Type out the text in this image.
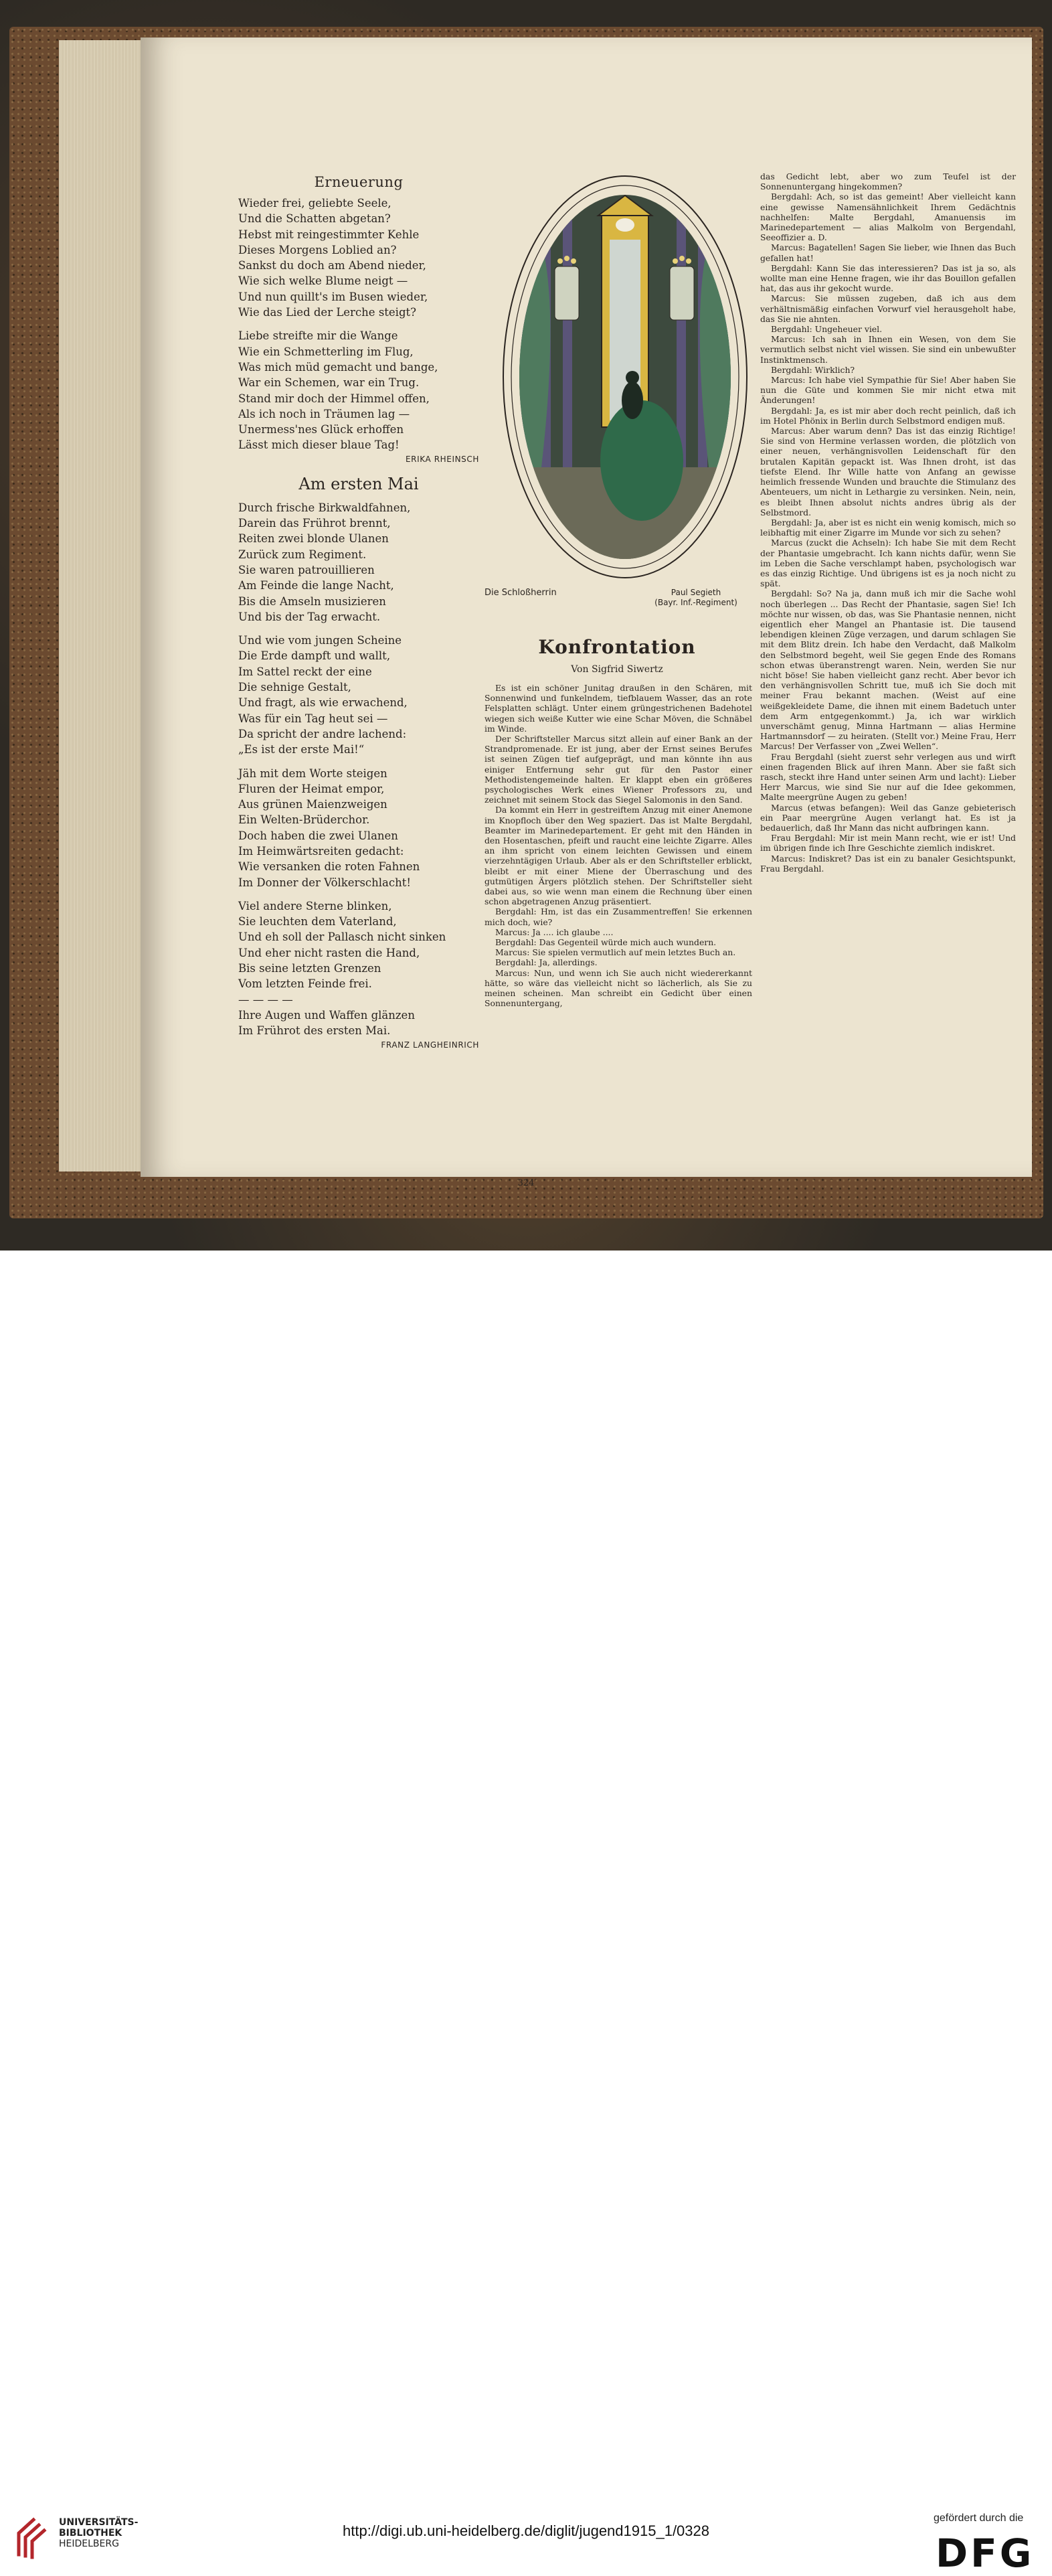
Erneuerung
Wieder frei, geliebte Seele,
Und die Schatten abgetan?
Hebst mit reingestimmter Kehle
Dieses Morgens Loblied an?
Sankst du doch am Abend nieder,
Wie sich welke Blume neigt —
Und nun quillt's im Busen wieder,
Wie das Lied der Lerche steigt?
Liebe streifte mir die Wange
Wie ein Schmetterling im Flug,
Was mich müd gemacht und bange,
War ein Schemen, war ein Trug.
Stand mir doch der Himmel offen,
Als ich noch in Träumen lag —
Unermess'nes Glück erhoffen
Lässt mich dieser blaue Tag!
ERIKA RHEINSCH
Am ersten Mai
Durch frische Birkwaldfahnen,
Darein das Frührot brennt,
Reiten zwei blonde Ulanen
Zurück zum Regiment.
Sie waren patrouillieren
Am Feinde die lange Nacht,
Bis die Amseln musizieren
Und bis der Tag erwacht.
Und wie vom jungen Scheine
Die Erde dampft und wallt,
Im Sattel reckt der eine
Die sehnige Gestalt,
Und fragt, als wie erwachend,
Was für ein Tag heut sei —
Da spricht der andre lachend:
„Es ist der erste Mai!“
Jäh mit dem Worte steigen
Fluren der Heimat empor,
Aus grünen Maienzweigen
Ein Welten-Brüderchor.
Doch haben die zwei Ulanen
Im Heimwärtsreiten gedacht:
Wie versanken die roten Fahnen
Im Donner der Völkerschlacht!
Viel andere Sterne blinken,
Sie leuchten dem Vaterland,
Und eh soll der Pallasch nicht sinken
Und eher nicht rasten die Hand,
Bis seine letzten Grenzen
Vom letzten Feinde frei.
— — — —
Ihre Augen und Waffen glänzen
Im Frührot des ersten Mai.
FRANZ LANGHEINRICH
Die Schloßherrin	Paul Segieth
(Bayr. Inf.-Regiment)
Konfrontation
Von Sigfrid Siwertz

Es ist ein schöner Junitag draußen in den Schären, mit Sonnenwind und funkelndem, tiefblauem Wasser, das an rote Felsplatten schlägt. Unter einem grüngestrichenen Badehotel wiegen sich weiße Kutter wie eine Schar Möven, die Schnäbel im Winde.

Der Schriftsteller Marcus sitzt allein auf einer Bank an der Strandpromenade. Er ist jung, aber der Ernst seines Berufes ist seinen Zügen tief aufgeprägt, und man könnte ihn aus einiger Entfernung sehr gut für den Pastor einer Methodistengemeinde halten. Er klappt eben ein größeres psychologisches Werk eines Wiener Professors zu, und zeichnet mit seinem Stock das Siegel Salomonis in den Sand.

Da kommt ein Herr in gestreiftem Anzug mit einer Anemone im Knopfloch über den Weg spaziert. Das ist Malte Bergdahl, Beamter im Marinedepartement. Er geht mit den Händen in den Hosentaschen, pfeift und raucht eine leichte Zigarre. Alles an ihm spricht von einem leichten Gewissen und einem vierzehntägigen Urlaub. Aber als er den Schriftsteller erblickt, bleibt er mit einer Miene der Überraschung und des gutmütigen Ärgers plötzlich stehen. Der Schriftsteller sieht dabei aus, so wie wenn man einem die Rechnung über einen schon abgetragenen Anzug präsentiert.

Bergdahl: Hm, ist das ein Zusammentreffen! Sie erkennen mich doch, wie?

Marcus: Ja .... ich glaube ....

Bergdahl: Das Gegenteil würde mich auch wundern.

Marcus: Sie spielen vermutlich auf mein letztes Buch an.

Bergdahl: Ja, allerdings.

Marcus: Nun, und wenn ich Sie auch nicht wiedererkannt hätte, so wäre das vielleicht nicht so lächerlich, als Sie zu meinen scheinen. Man schreibt ein Gedicht über einen Sonnenuntergang,

das Gedicht lebt, aber wo zum Teufel ist der Sonnenuntergang hingekommen?

Bergdahl: Ach, so ist das gemeint! Aber vielleicht kann eine gewisse Namensähnlichkeit Ihrem Gedächtnis nachhelfen: Malte Bergdahl, Amanuensis im Marinedepartement — alias Malkolm von Bergendahl, Seeoffizier a. D.

Marcus: Bagatellen! Sagen Sie lieber, wie Ihnen das Buch gefallen hat!

Bergdahl: Kann Sie das interessieren? Das ist ja so, als wollte man eine Henne fragen, wie ihr das Bouillon gefallen hat, das aus ihr gekocht wurde.

Marcus: Sie müssen zugeben, daß ich aus dem verhältnismäßig einfachen Vorwurf viel herausgeholt habe, das Sie nie ahnten.

Bergdahl: Ungeheuer viel.

Marcus: Ich sah in Ihnen ein Wesen, von dem Sie vermutlich selbst nicht viel wissen. Sie sind ein unbewußter Instinktmensch.

Bergdahl: Wirklich?

Marcus: Ich habe viel Sympathie für Sie! Aber haben Sie nun die Güte und kommen Sie mir nicht etwa mit Änderungen!

Bergdahl: Ja, es ist mir aber doch recht peinlich, daß ich im Hotel Phönix in Berlin durch Selbstmord endigen muß.

Marcus: Aber warum denn? Das ist das einzig Richtige! Sie sind von Hermine verlassen worden, die plötzlich von einer neuen, verhängnisvollen Leidenschaft für den brutalen Kapitän gepackt ist. Was Ihnen droht, ist das tiefste Elend. Ihr Wille hatte von Anfang an gewisse heimlich fressende Wunden und brauchte die Stimulanz des Abenteuers, um nicht in Lethargie zu versinken. Nein, nein, es bleibt Ihnen absolut nichts andres übrig als der Selbstmord.

Bergdahl: Ja, aber ist es nicht ein wenig komisch, mich so leibhaftig mit einer Zigarre im Munde vor sich zu sehen?

Marcus (zuckt die Achseln): Ich habe Sie mit dem Recht der Phantasie umgebracht. Ich kann nichts dafür, wenn Sie im Leben die Sache verschlampt haben, psychologisch war es das einzig Richtige. Und übrigens ist es ja noch nicht zu spät.

Bergdahl: So? Na ja, dann muß ich mir die Sache wohl noch überlegen ... Das Recht der Phantasie, sagen Sie! Ich möchte nur wissen, ob das, was Sie Phantasie nennen, nicht eigentlich eher Mangel an Phantasie ist. Die tausend lebendigen kleinen Züge verzagen, und darum schlagen Sie mit dem Blitz drein. Ich habe den Verdacht, daß Malkolm den Selbstmord begeht, weil Sie gegen Ende des Romans schon etwas überanstrengt waren. Nein, werden Sie nur nicht böse! Sie haben vielleicht ganz recht. Aber bevor ich den verhängnisvollen Schritt tue, muß ich Sie doch mit meiner Frau bekannt machen. (Weist auf eine weißgekleidete Dame, die ihnen mit einem Badetuch unter dem Arm entgegenkommt.) Ja, ich war wirklich unverschämt genug, Minna Hartmann — alias Hermine Hartmannsdorf — zu heiraten. (Stellt vor.) Meine Frau, Herr Marcus! Der Verfasser von „Zwei Wellen“.

Frau Bergdahl (sieht zuerst sehr verlegen aus und wirft einen fragenden Blick auf ihren Mann. Aber sie faßt sich rasch, steckt ihre Hand unter seinen Arm und lacht): Lieber Herr Marcus, wie sind Sie nur auf die Idee gekommen, Malte meergrüne Augen zu geben!

Marcus (etwas befangen): Weil das Ganze gebieterisch ein Paar meergrüne Augen verlangt hat. Es ist ja bedauerlich, daß Ihr Mann das nicht aufbringen kann.

Frau Bergdahl: Mir ist mein Mann recht, wie er ist! Und im übrigen finde ich Ihre Geschichte ziemlich indiskret.

Marcus: Indiskret? Das ist ein zu banaler Gesichtspunkt, Frau Bergdahl.

324
UNIVERSITÄTS-
BIBLIOTHEK
HEIDELBERG
http://digi.ub.uni-heidelberg.de/diglit/jugend1915_1/0328
gefördert durch die
DFG
